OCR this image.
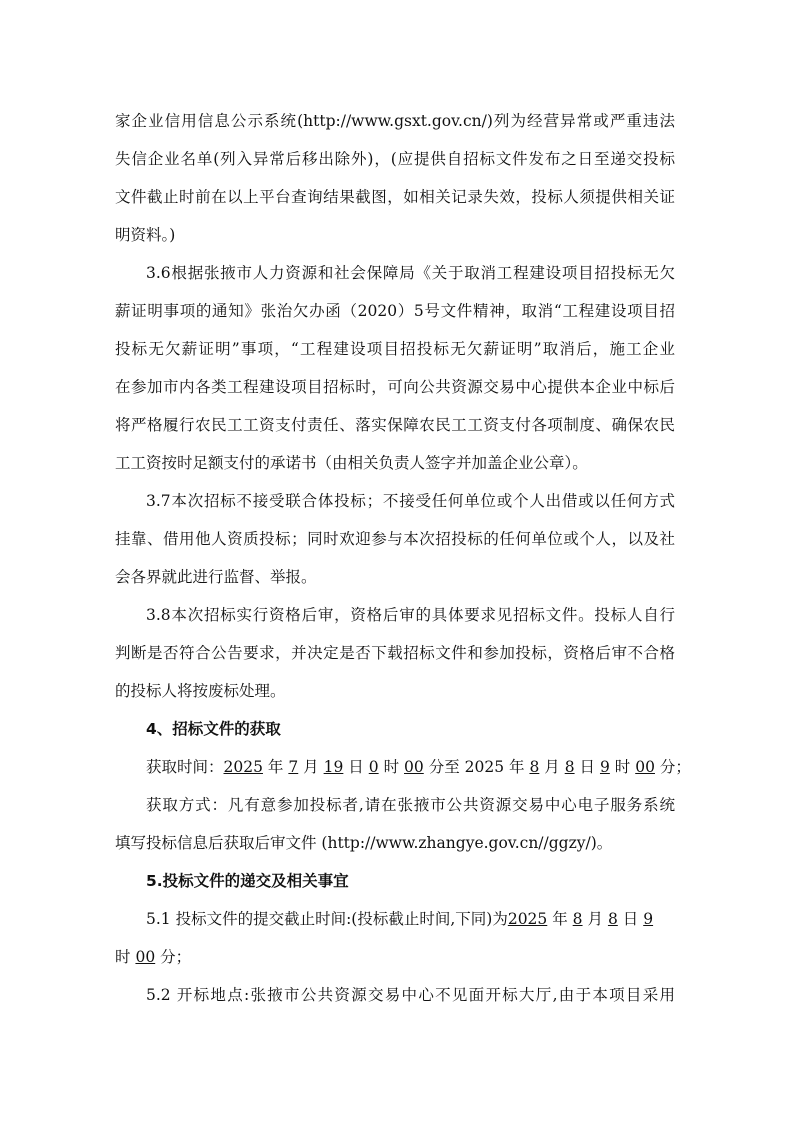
家企业信用信息公示系统(http://www.gsxt.gov.cn/)列为经营异常或严重违法
失信企业名单(列入异常后移出除外)，(应提供自招标文件发布之日至递交投标
文件截止时前在以上平台查询结果截图，如相关记录失效，投标人须提供相关证
明资料。)
3.6根据张掖市人力资源和社会保障局《关于取消工程建设项目招投标无欠
薪证明事项的通知》张治欠办函（2020）5号文件精神，取消“工程建设项目招
投标无欠薪证明”事项，“工程建设项目招投标无欠薪证明”取消后，施工企业
在参加市内各类工程建设项目招标时，可向公共资源交易中心提供本企业中标后
将严格履行农民工工资支付责任、落实保障农民工工资支付各项制度、确保农民
工工资按时足额支付的承诺书（由相关负责人签字并加盖企业公章）。
3.7本次招标不接受联合体投标；不接受任何单位或个人出借或以任何方式
挂靠、借用他人资质投标；同时欢迎参与本次招投标的任何单位或个人，以及社
会各界就此进行监督、举报。
3.8本次招标实行资格后审，资格后审的具体要求见招标文件。投标人自行
判断是否符合公告要求，并决定是否下载招标文件和参加投标，资格后审不合格
的投标人将按废标处理。
4、招标文件的获取
获取时间：2025 年 7 月 19 日 0 时 00 分至 2025 年 8 月 8 日 9 时 00 分；
获取方式：凡有意参加投标者,请在张掖市公共资源交易中心电子服务系统
填写投标信息后获取后审文件 (http://www.zhangye.gov.cn//ggzy/)。
5.投标文件的递交及相关事宜
5.1 投标文件的提交截止时间:(投标截止时间,下同)为2025 年 8 月 8 日 9
时 00 分；
5.2 开标地点:张掖市公共资源交易中心不见面开标大厅,由于本项目采用
